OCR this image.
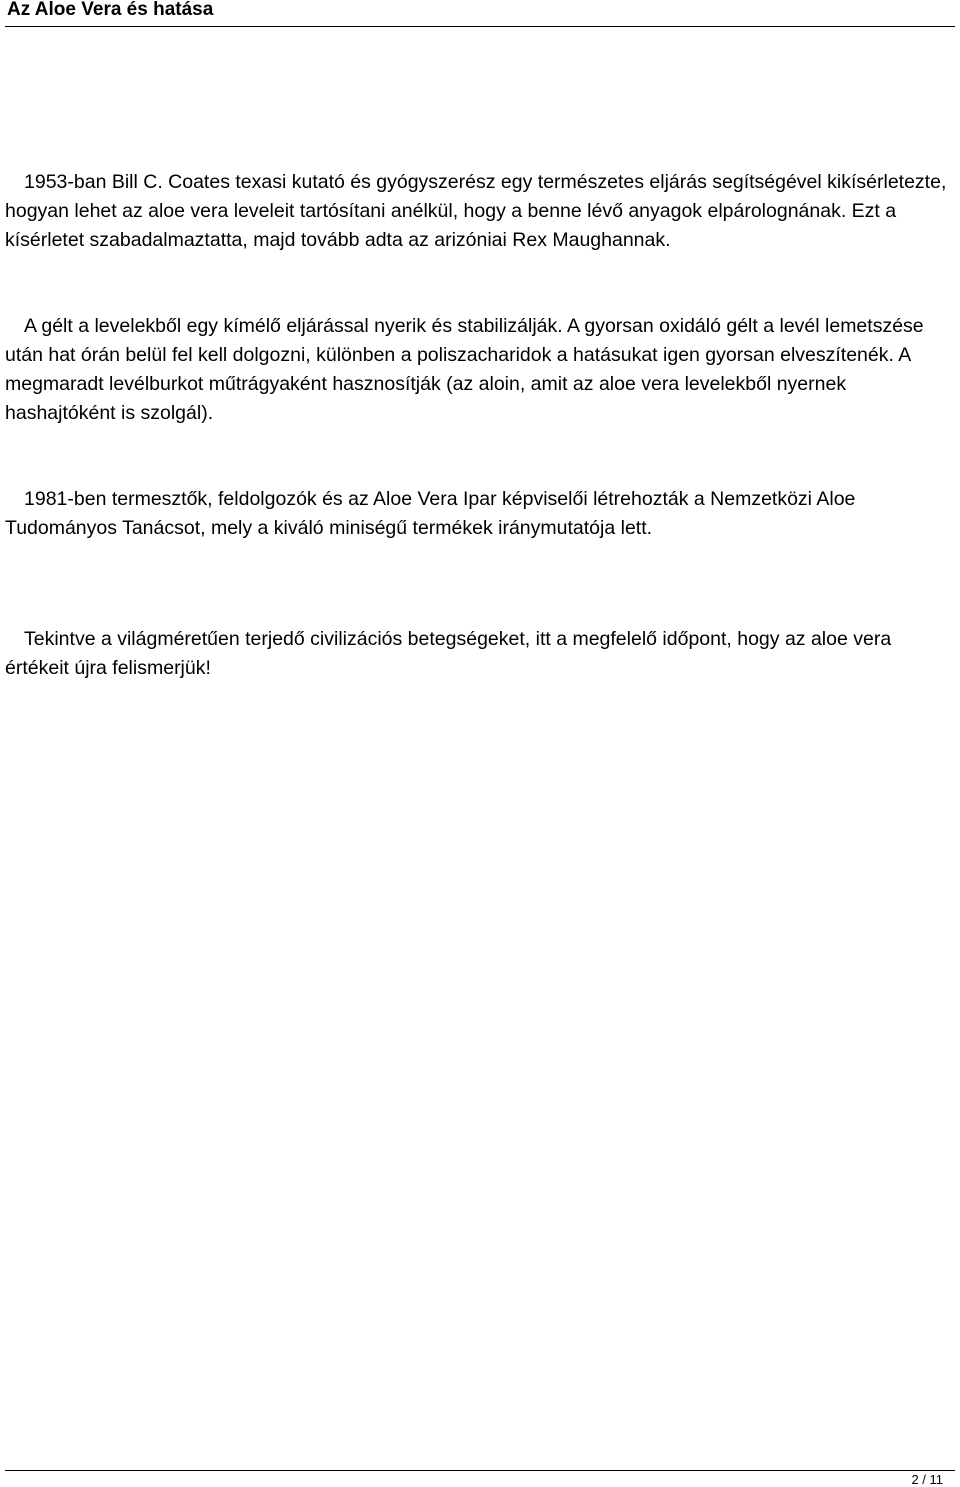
Az Aloe Vera és hatása

1953-ban Bill C. Coates texasi kutató és gyógyszerész egy természetes eljárás segítségével kikísérletezte, hogyan lehet az aloe vera leveleit tartósítani anélkül, hogy a benne lévő anyagok elpárolognának. Ezt a kísérletet szabadalmaztatta, majd tovább adta az arizóniai Rex Maughannak.

A gélt a levelekből egy kímélő eljárással nyerik és stabilizálják. A gyorsan oxidáló gélt a levél lemetszése után hat órán belül fel kell dolgozni, különben a poliszacharidok a hatásukat igen gyorsan elveszítenék. A megmaradt levélburkot műtrágyaként hasznosítják (az aloin, amit az aloe vera levelekből nyernek hashajtóként is szolgál).

1981-ben termesztők, feldolgozók és az Aloe Vera Ipar képviselői létrehozták a Nemzetközi Aloe Tudományos Tanácsot, mely a kiváló miniségű termékek iránymutatója lett.

Tekintve a világméretűen terjedő civilizációs betegségeket, itt a megfelelő időpont, hogy az aloe vera értékeit újra felismerjük!

2 / 11
